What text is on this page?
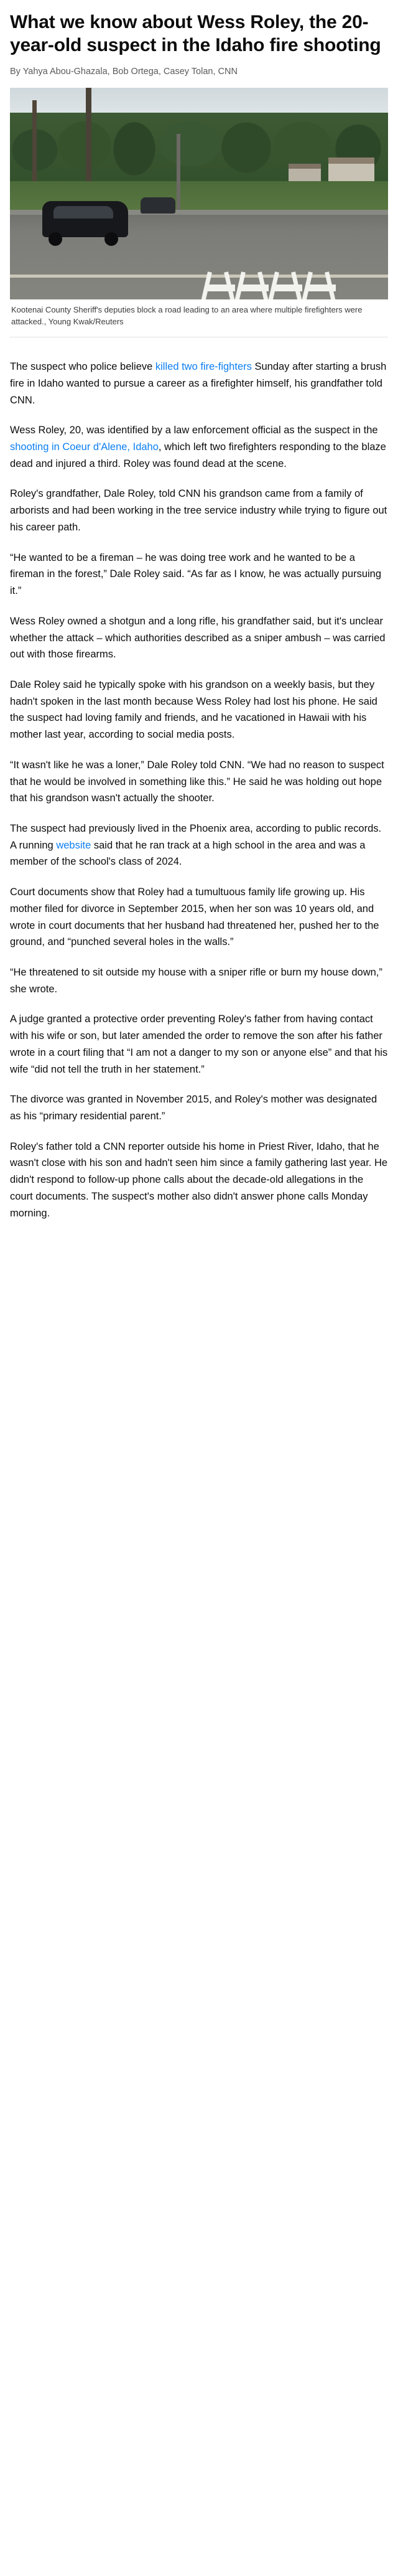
What we know about Wess Roley, the 20-year-old suspect in the Idaho fire shooting
By Yahya Abou-Ghazala, Bob Ortega, Casey Tolan, CNN
Kootenai County Sheriff's deputies block a road leading to an area where multiple firefighters were attacked., Young Kwak/Reuters

The suspect who police believe killed two fire-fighters Sunday after starting a brush fire in Idaho wanted to pursue a career as a firefighter himself, his grandfather told CNN.

Wess Roley, 20, was identified by a law enforcement official as the suspect in the shooting in Coeur d'Alene, Idaho, which left two firefighters responding to the blaze dead and injured a third. Roley was found dead at the scene.

Roley's grandfather, Dale Roley, told CNN his grandson came from a family of arborists and had been working in the tree service industry while trying to figure out his career path.

“He wanted to be a fireman – he was doing tree work and he wanted to be a fireman in the forest,” Dale Roley said. “As far as I know, he was actually pursuing it.”

Wess Roley owned a shotgun and a long rifle, his grandfather said, but it's unclear whether the attack – which authorities described as a sniper ambush – was carried out with those firearms.

Dale Roley said he typically spoke with his grandson on a weekly basis, but they hadn't spoken in the last month because Wess Roley had lost his phone. He said the suspect had loving family and friends, and he vacationed in Hawaii with his mother last year, according to social media posts.

“It wasn't like he was a loner,” Dale Roley told CNN. “We had no reason to suspect that he would be involved in something like this.” He said he was holding out hope that his grandson wasn't actually the shooter.

The suspect had previously lived in the Phoenix area, according to public records. A running website said that he ran track at a high school in the area and was a member of the school's class of 2024.

Court documents show that Roley had a tumultuous family life growing up. His mother filed for divorce in September 2015, when her son was 10 years old, and wrote in court documents that her husband had threatened her, pushed her to the ground, and “punched several holes in the walls.”

“He threatened to sit outside my house with a sniper rifle or burn my house down,” she wrote.

A judge granted a protective order preventing Roley's father from having contact with his wife or son, but later amended the order to remove the son after his father wrote in a court filing that “I am not a danger to my son or anyone else” and that his wife “did not tell the truth in her statement.”

The divorce was granted in November 2015, and Roley's mother was designated as his “primary residential parent.”

Roley's father told a CNN reporter outside his home in Priest River, Idaho, that he wasn't close with his son and hadn't seen him since a family gathering last year. He didn't respond to follow-up phone calls about the decade-old allegations in the court documents. The suspect's mother also didn't answer phone calls Monday morning.
